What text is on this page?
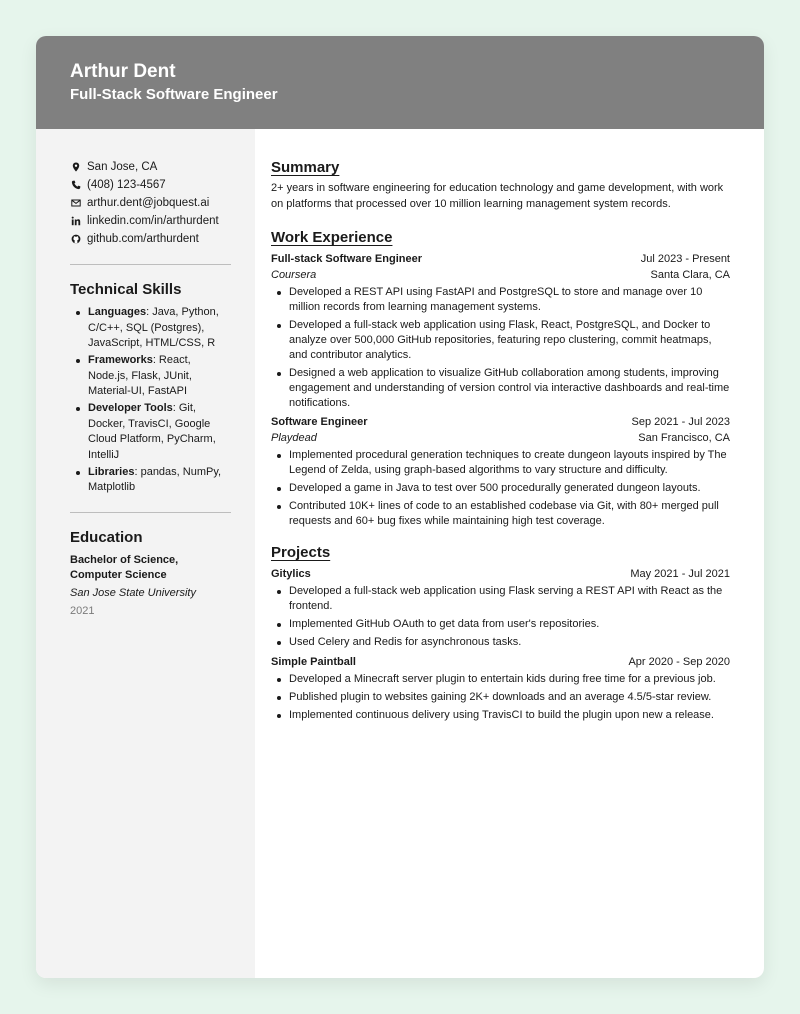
Arthur Dent
Full-Stack Software Engineer
San Jose, CA
(408) 123-4567
arthur.dent@jobquest.ai
linkedin.com/in/arthurdent
github.com/arthurdent
Technical Skills
Languages: Java, Python, C/C++, SQL (Postgres), JavaScript, HTML/CSS, R
Frameworks: React, Node.js, Flask, JUnit, Material-UI, FastAPI
Developer Tools: Git, Docker, TravisCI, Google Cloud Platform, PyCharm, IntelliJ
Libraries: pandas, NumPy, Matplotlib
Education
Bachelor of Science, Computer Science
San Jose State University
2021
Summary
2+ years in software engineering for education technology and game development, with work on platforms that processed over 10 million learning management system records.
Work Experience
Full-stack Software Engineer	Jul 2023 - Present
Coursera	Santa Clara, CA
Developed a REST API using FastAPI and PostgreSQL to store and manage over 10 million records from learning management systems.
Developed a full-stack web application using Flask, React, PostgreSQL, and Docker to analyze over 500,000 GitHub repositories, featuring repo clustering, commit heatmaps, and contributor analytics.
Designed a web application to visualize GitHub collaboration among students, improving engagement and understanding of version control via interactive dashboards and real-time notifications.
Software Engineer	Sep 2021 - Jul 2023
Playdead	San Francisco, CA
Implemented procedural generation techniques to create dungeon layouts inspired by The Legend of Zelda, using graph-based algorithms to vary structure and difficulty.
Developed a game in Java to test over 500 procedurally generated dungeon layouts.
Contributed 10K+ lines of code to an established codebase via Git, with 80+ merged pull requests and 60+ bug fixes while maintaining high test coverage.
Projects
Gitylics	May 2021 - Jul 2021
Developed a full-stack web application using Flask serving a REST API with React as the frontend.
Implemented GitHub OAuth to get data from user's repositories.
Used Celery and Redis for asynchronous tasks.
Simple Paintball	Apr 2020 - Sep 2020
Developed a Minecraft server plugin to entertain kids during free time for a previous job.
Published plugin to websites gaining 2K+ downloads and an average 4.5/5-star review.
Implemented continuous delivery using TravisCI to build the plugin upon new a release.
